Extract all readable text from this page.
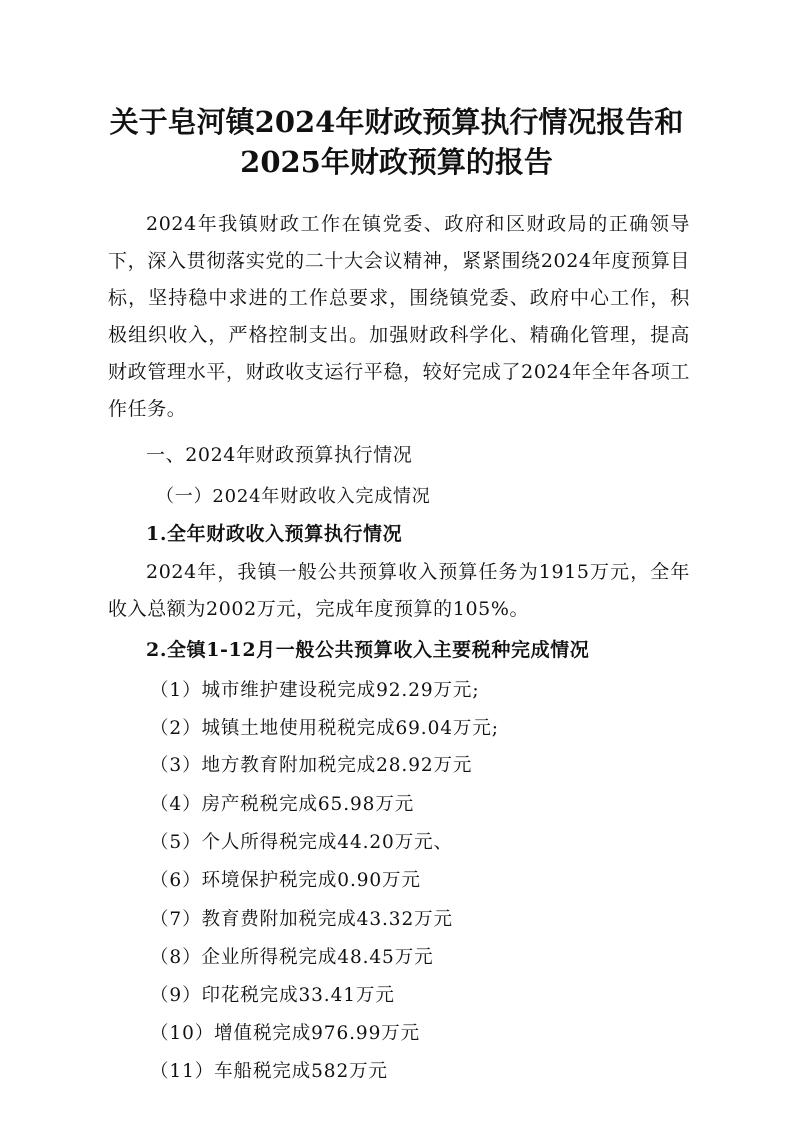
关于皂河镇2024年财政预算执行情况报告和
2025年财政预算的报告
2024年我镇财政工作在镇党委、政府和区财政局的正确领导下，深入贯彻落实党的二十大会议精神，紧紧围绕2024年度预算目标，坚持稳中求进的工作总要求，围绕镇党委、政府中心工作，积极组织收入，严格控制支出。加强财政科学化、精确化管理，提高财政管理水平，财政收支运行平稳，较好完成了2024年全年各项工作任务。
一、2024年财政预算执行情况
（一）2024年财政收入完成情况
1.全年财政收入预算执行情况
2024年，我镇一般公共预算收入预算任务为1915万元，全年收入总额为2002万元，完成年度预算的105%。
2.全镇1-12月一般公共预算收入主要税种完成情况
（1）城市维护建设税完成92.29万元;
（2）城镇土地使用税税完成69.04万元;
（3）地方教育附加税完成28.92万元
（4）房产税税完成65.98万元
（5）个人所得税完成44.20万元、
（6）环境保护税完成0.90万元
（7）教育费附加税完成43.32万元
（8）企业所得税完成48.45万元
（9）印花税完成33.41万元
（10）增值税完成976.99万元
（11）车船税完成582万元
